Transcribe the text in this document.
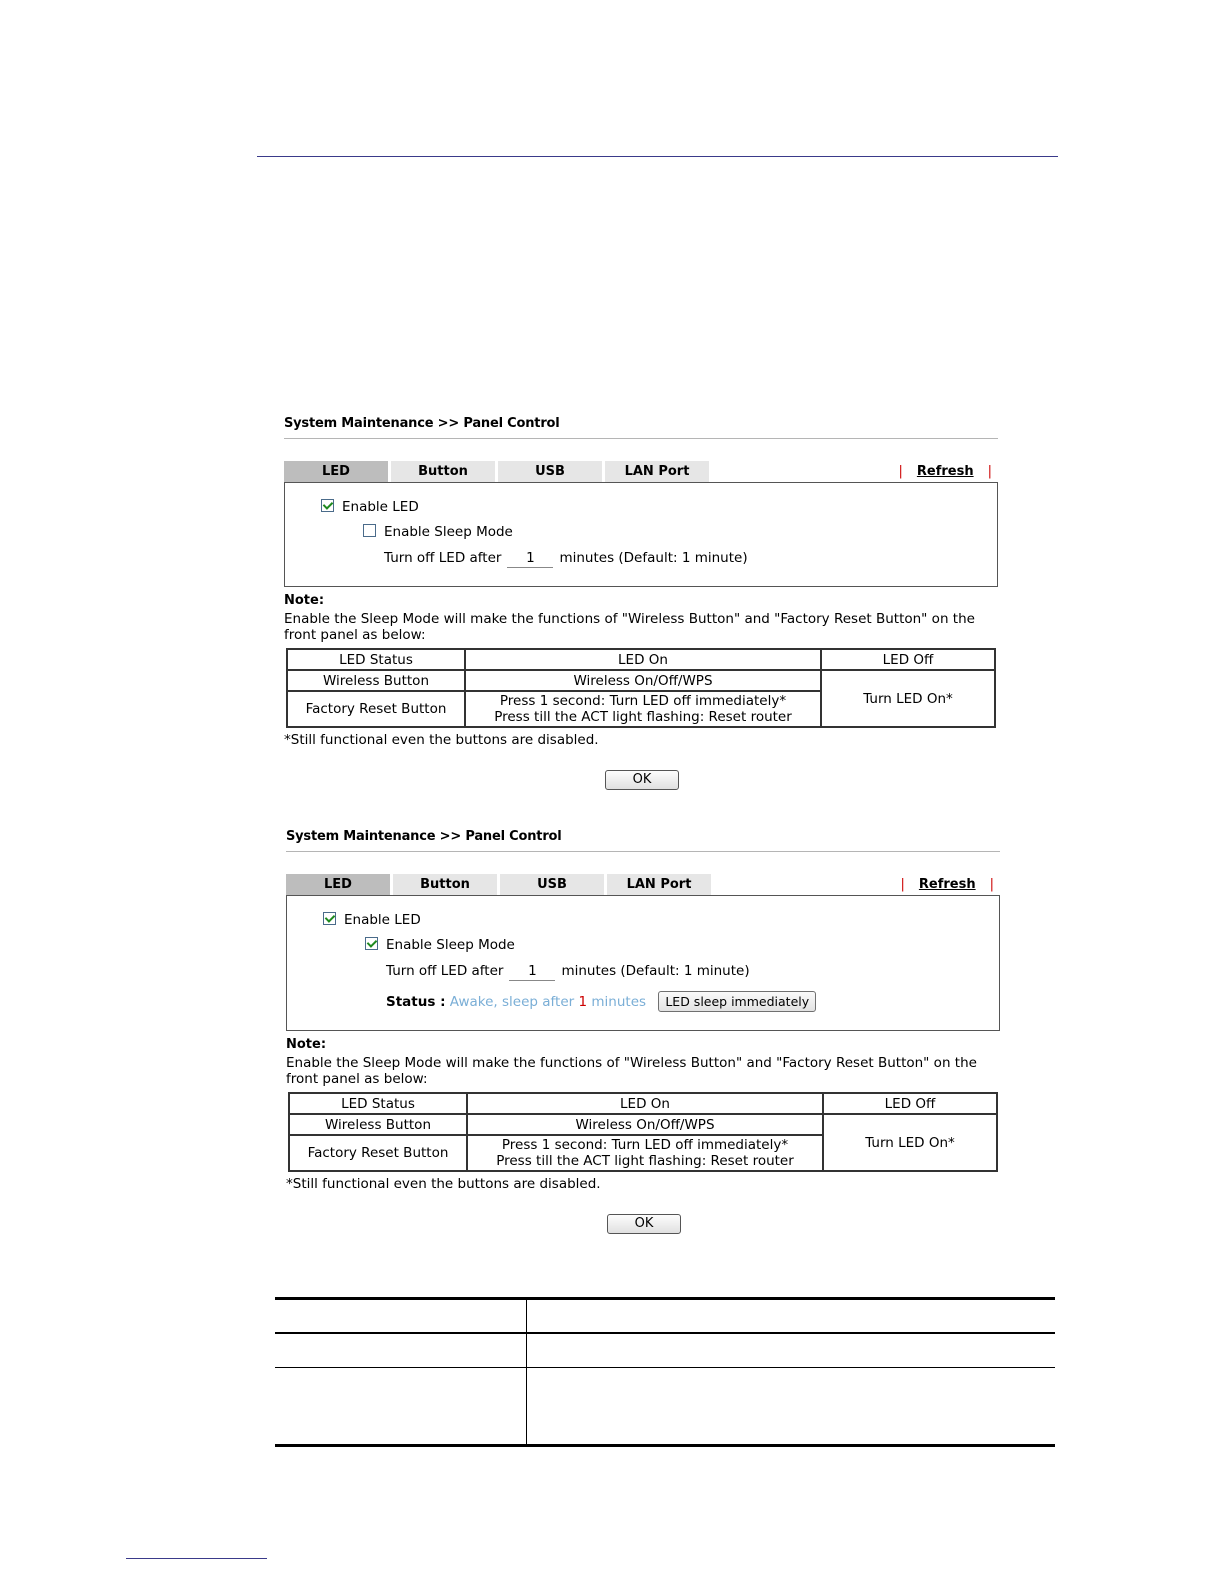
System Maintenance >> Panel Control
LED	Button	USB	LAN Port	| Refresh |
Enable LED
Enable Sleep Mode
Turn off LED after1	minutes (Default: 1 minute)
Note:
Enable the Sleep Mode will make the functions of "Wireless Button" and "Factory Reset Button" on the front panel as below:
LED Status	LED On	LED Off
Wireless Button	Wireless On/Off/WPS	Turn LED On*
Factory Reset Button	Press 1 second: Turn LED off immediately*
Press till the ACT light flashing: Reset router	
*Still functional even the buttons are disabled.
OK
System Maintenance >> Panel Control
LED	Button	USB	LAN Port	| Refresh |
Enable LED
Enable Sleep Mode
Turn off LED after1	minutes (Default: 1 minute)
Status : Awake, sleep after 1 minutes LED sleep immediately
Note:
Enable the Sleep Mode will make the functions of "Wireless Button" and "Factory Reset Button" on the front panel as below:
LED Status	LED On	LED Off
Wireless Button	Wireless On/Off/WPS	Turn LED On*
Factory Reset Button	Press 1 second: Turn LED off immediately*
Press till the ACT light flashing: Reset router	
*Still functional even the buttons are disabled.
OK
